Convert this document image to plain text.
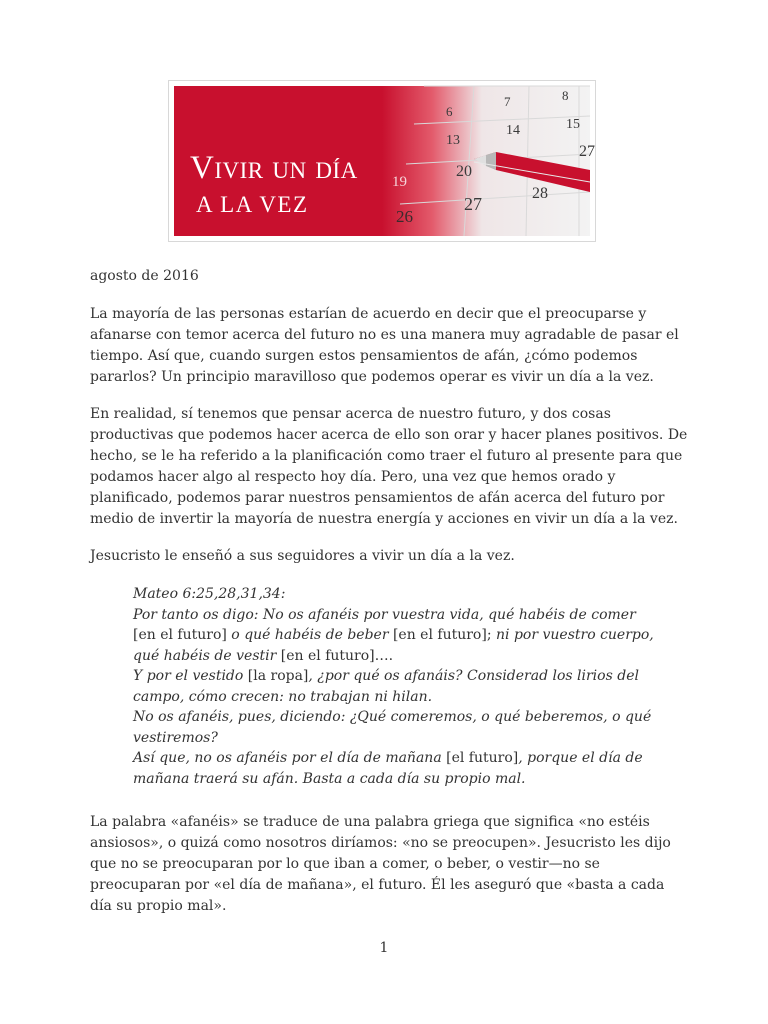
6
7	8
13
14	15
19
20
27
26
27
28
Vivir un día
A LA VEZ

agosto de 2016

La mayoría de las personas estarían de acuerdo en decir que el preocuparse y afanarse con temor acerca del futuro no es una manera muy agradable de pasar el tiempo. Así que, cuando surgen estos pensamientos de afán, ¿cómo podemos pararlos? Un principio maravilloso que podemos operar es vivir un día a la vez.

En realidad, sí tenemos que pensar acerca de nuestro futuro, y dos cosas productivas que podemos hacer acerca de ello son orar y hacer planes positivos. De hecho, se le ha referido a la planificación como traer el futuro al presente para que podamos hacer algo al respecto hoy día. Pero, una vez que hemos orado y planificado, podemos parar nuestros pensamientos de afán acerca del futuro por medio de invertir la mayoría de nuestra energía y acciones en vivir un día a la vez.

Jesucristo le enseñó a sus seguidores a vivir un día a la vez.

Mateo 6:25,28,31,34:
Por tanto os digo: No os afanéis por vuestra vida, qué habéis de comer
[en el futuro] o qué habéis de beber [en el futuro]; ni por vuestro cuerpo,
qué habéis de vestir [en el futuro]….
Y por el vestido [la ropa], ¿por qué os afanáis? Considerad los lirios del
campo, cómo crecen: no trabajan ni hilan.
No os afanéis, pues, diciendo: ¿Qué comeremos, o qué beberemos, o qué
vestiremos?
Así que, no os afanéis por el día de mañana [el futuro], porque el día de
mañana traerá su afán. Basta a cada día su propio mal.

La palabra «afanéis» se traduce de una palabra griega que significa «no estéis ansiosos», o quizá como nosotros diríamos: «no se preocupen». Jesucristo les dijo que no se preocuparan por lo que iban a comer, o beber, o vestir—no se preocuparan por «el día de mañana», el futuro. Él les aseguró que «basta a cada día su propio mal».

1
